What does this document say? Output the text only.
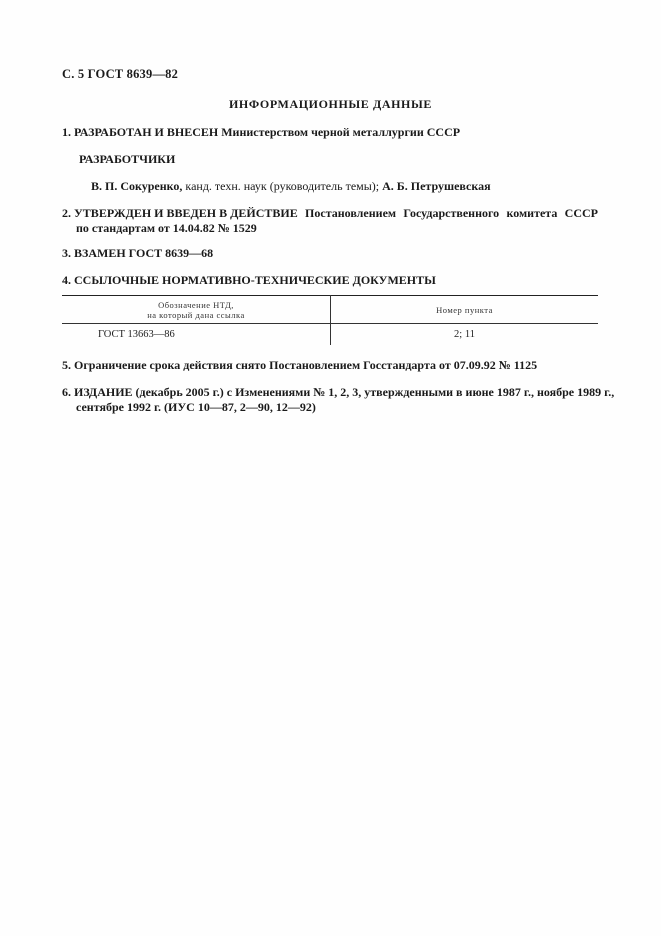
С. 5 ГОСТ 8639—82
ИНФОРМАЦИОННЫЕ ДАННЫЕ
1. РАЗРАБОТАН И ВНЕСЕН Министерством черной металлургии СССР
РАЗРАБОТЧИКИ
В. П. Сокуренко, канд. техн. наук (руководитель темы); А. Б. Петрушевская
2. УТВЕРЖДЕН И ВВЕДЕН В ДЕЙСТВИЕ Постановлением Государственного комитета СССР
по стандартам от 14.04.82 № 1529
3. ВЗАМЕН ГОСТ 8639—68
4. ССЫЛОЧНЫЕ НОРМАТИВНО-ТЕХНИЧЕСКИЕ ДОКУМЕНТЫ
Обозначение НТД,
на который дана ссылка	Номер пункта
ГОСТ 13663—86	2; 11
5. Ограничение срока действия снято Постановлением Госстандарта от 07.09.92 № 1125
6. ИЗДАНИЕ (декабрь 2005 г.) с Изменениями № 1, 2, 3, утвержденными в июне 1987 г., ноябре 1989 г.,
сентябре 1992 г. (ИУС 10—87, 2—90, 12—92)
